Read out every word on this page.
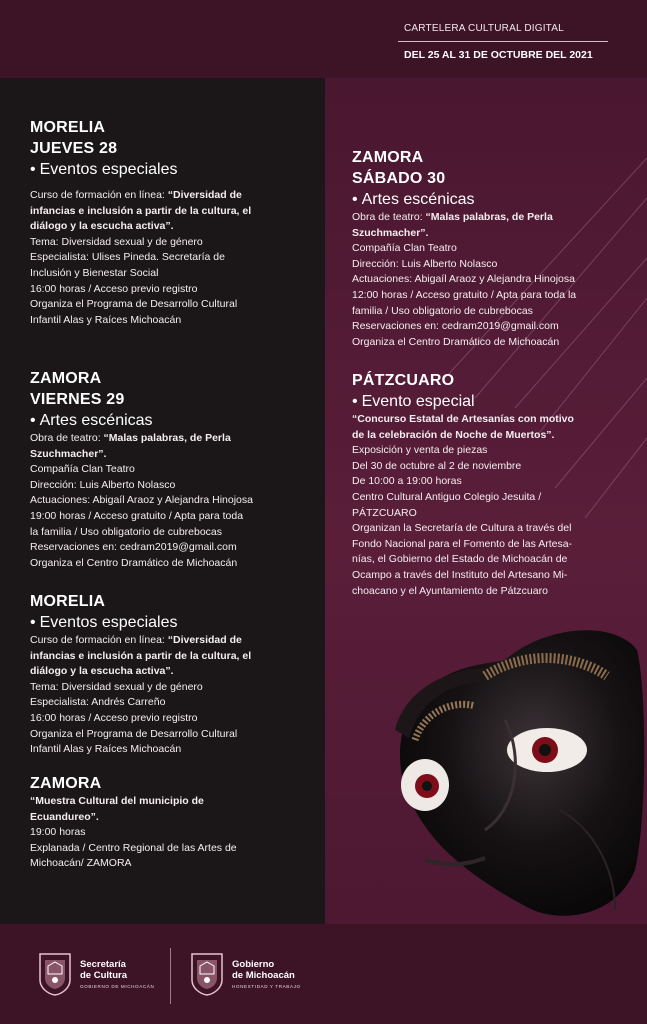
CARTELERA CULTURAL DIGITAL
DEL 25 AL 31 DE OCTUBRE DEL 2021
MORELIA
JUEVES 28
• Eventos especiales
Curso de formación en línea: “Diversidad de
infancias e inclusión a partir de la cultura, el
diálogo y la escucha activa”.
Tema: Diversidad sexual y de género
Especialista: Ulises Pineda. Secretaría de
Inclusión y Bienestar Social
16:00 horas / Acceso previo registro
Organiza el Programa de Desarrollo Cultural
Infantil Alas y Raíces Michoacán
ZAMORA
VIERNES 29
• Artes escénicas
Obra de teatro: “Malas palabras, de Perla
Szuchmacher”.
Compañía Clan Teatro
Dirección: Luis Alberto Nolasco
Actuaciones: Abigaíl Araoz y Alejandra Hinojosa
19:00 horas / Acceso gratuito / Apta para toda
la familia / Uso obligatorio de cubrebocas
Reservaciones en: cedram2019@gmail.com
Organiza el Centro Dramático de Michoacán
MORELIA
• Eventos especiales
Curso de formación en línea: “Diversidad de
infancias e inclusión a partir de la cultura, el
diálogo y la escucha activa”.
Tema: Diversidad sexual y de género
Especialista: Andrés Carreño
16:00 horas / Acceso previo registro
Organiza el Programa de Desarrollo Cultural
Infantil Alas y Raíces Michoacán
ZAMORA
“Muestra Cultural del municipio de
Ecuandureo”.
19:00 horas
Explanada / Centro Regional de las Artes de
Michoacán/ ZAMORA
ZAMORA
SÁBADO 30
• Artes escénicas
Obra de teatro: “Malas palabras, de Perla
Szuchmacher”.
Compañía Clan Teatro
Dirección: Luis Alberto Nolasco
Actuaciones: Abigaíl Araoz y Alejandra Hinojosa
12:00 horas / Acceso gratuito / Apta para toda la
familia / Uso obligatorio de cubrebocas
Reservaciones en: cedram2019@gmail.com
Organiza el Centro Dramático de Michoacán
PÁTZCUARO
• Evento especial
“Concurso Estatal de Artesanías con motivo
de la celebración de Noche de Muertos”.
Exposición y venta de piezas
Del 30 de octubre al 2 de noviembre
De 10:00 a 19:00 horas
Centro Cultural Antiguo Colegio Jesuita /
PÁTZCUARO
Organizan la Secretaría de Cultura a través del
Fondo Nacional para el Fomento de las Artesa-
nías, el Gobierno del Estado de Michoacán de
Ocampo a través del Instituto del Artesano Mi-
choacano y el Ayuntamiento de Pátzcuaro
Secretaría
de Cultura
GOBIERNO DE MICHOACÁN
Gobierno
de Michoacán
HONESTIDAD Y TRABAJO
